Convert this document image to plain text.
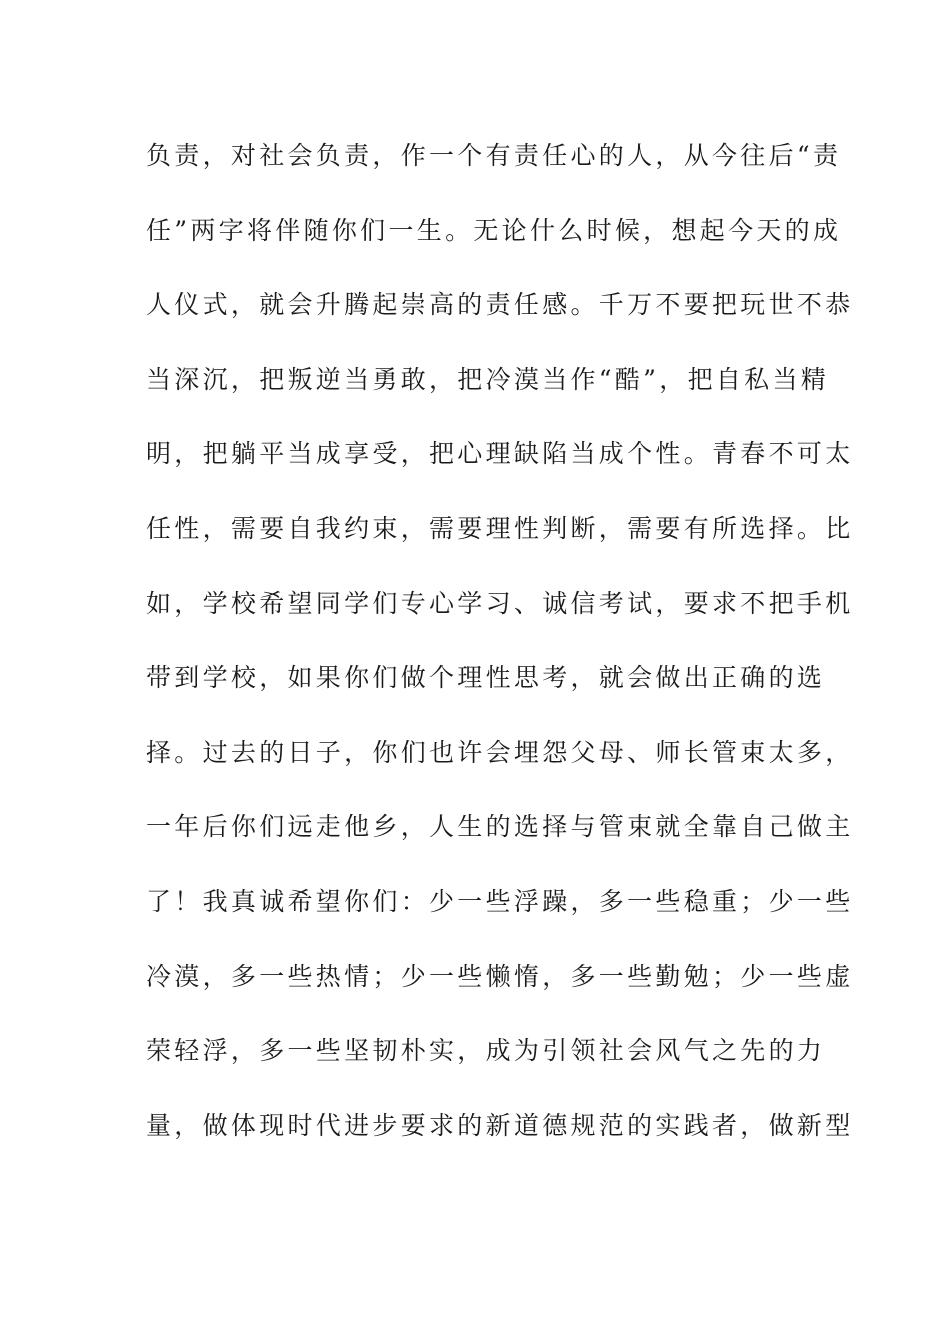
负责，对社会负责，作一个有责任心的人，从今往后“责
任”两字将伴随你们一生。无论什么时候，想起今天的成
人仪式，就会升腾起崇高的责任感。千万不要把玩世不恭
当深沉，把叛逆当勇敢，把冷漠当作“酷”，把自私当精
明，把躺平当成享受，把心理缺陷当成个性。青春不可太
任性，需要自我约束，需要理性判断，需要有所选择。比
如，学校希望同学们专心学习、诚信考试，要求不把手机
带到学校，如果你们做个理性思考，就会做出正确的选
择。过去的日子，你们也许会埋怨父母、师长管束太多，
一年后你们远走他乡，人生的选择与管束就全靠自己做主
了！我真诚希望你们：少一些浮躁，多一些稳重；少一些
冷漠，多一些热情；少一些懒惰，多一些勤勉；少一些虚
荣轻浮，多一些坚韧朴实，成为引领社会风气之先的力
量，做体现时代进步要求的新道德规范的实践者，做新型
